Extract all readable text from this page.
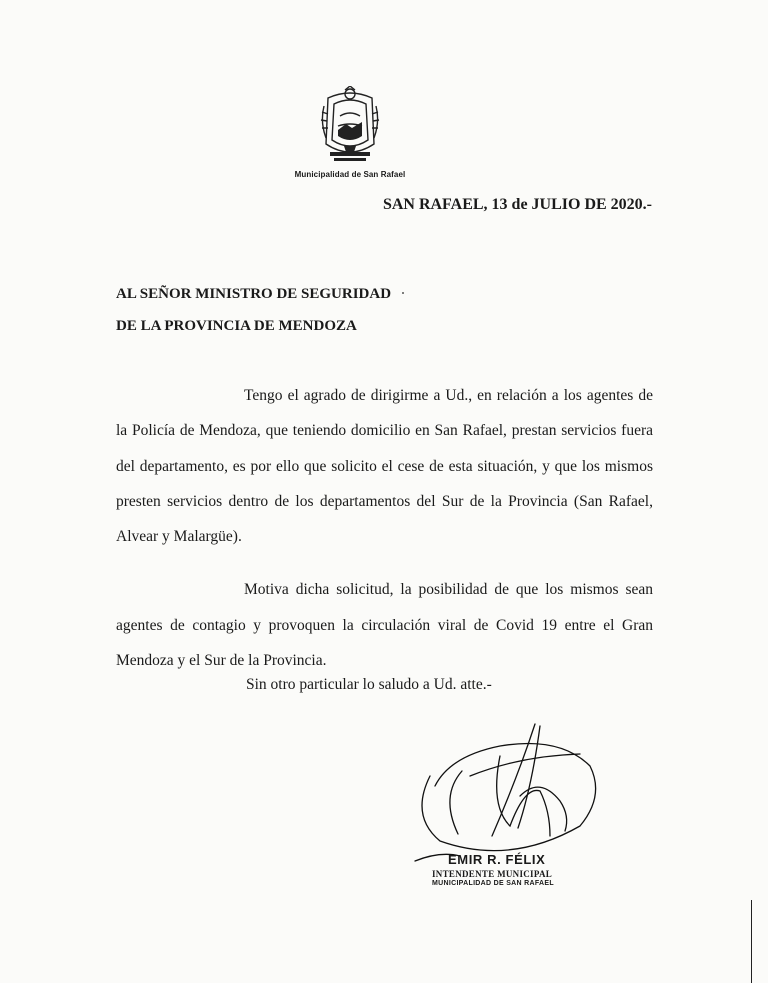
Municipalidad de San Rafael
SAN RAFAEL, 13 de JULIO DE 2020.-
AL SEÑOR MINISTRO DE SEGURIDAD
DE LA PROVINCIA DE MENDOZA

Tengo el agrado de dirigirme a Ud., en relación a los agentes de la Policía de Mendoza, que teniendo domicilio en San Rafael, prestan servicios fuera del departamento, es por ello que solicito el cese de esta situación, y que los mismos presten servicios dentro de los departamentos del Sur de la Provincia (San Rafael, Alvear y Malargüe).

Motiva dicha solicitud, la posibilidad de que los mismos sean agentes de contagio y provoquen la circulación viral de Covid 19 entre el Gran Mendoza y el Sur de la Provincia.

Sin otro particular lo saludo a Ud. atte.-
EMIR R. FÉLIX
INTENDENTE MUNICIPAL
MUNICIPALIDAD DE SAN RAFAEL
